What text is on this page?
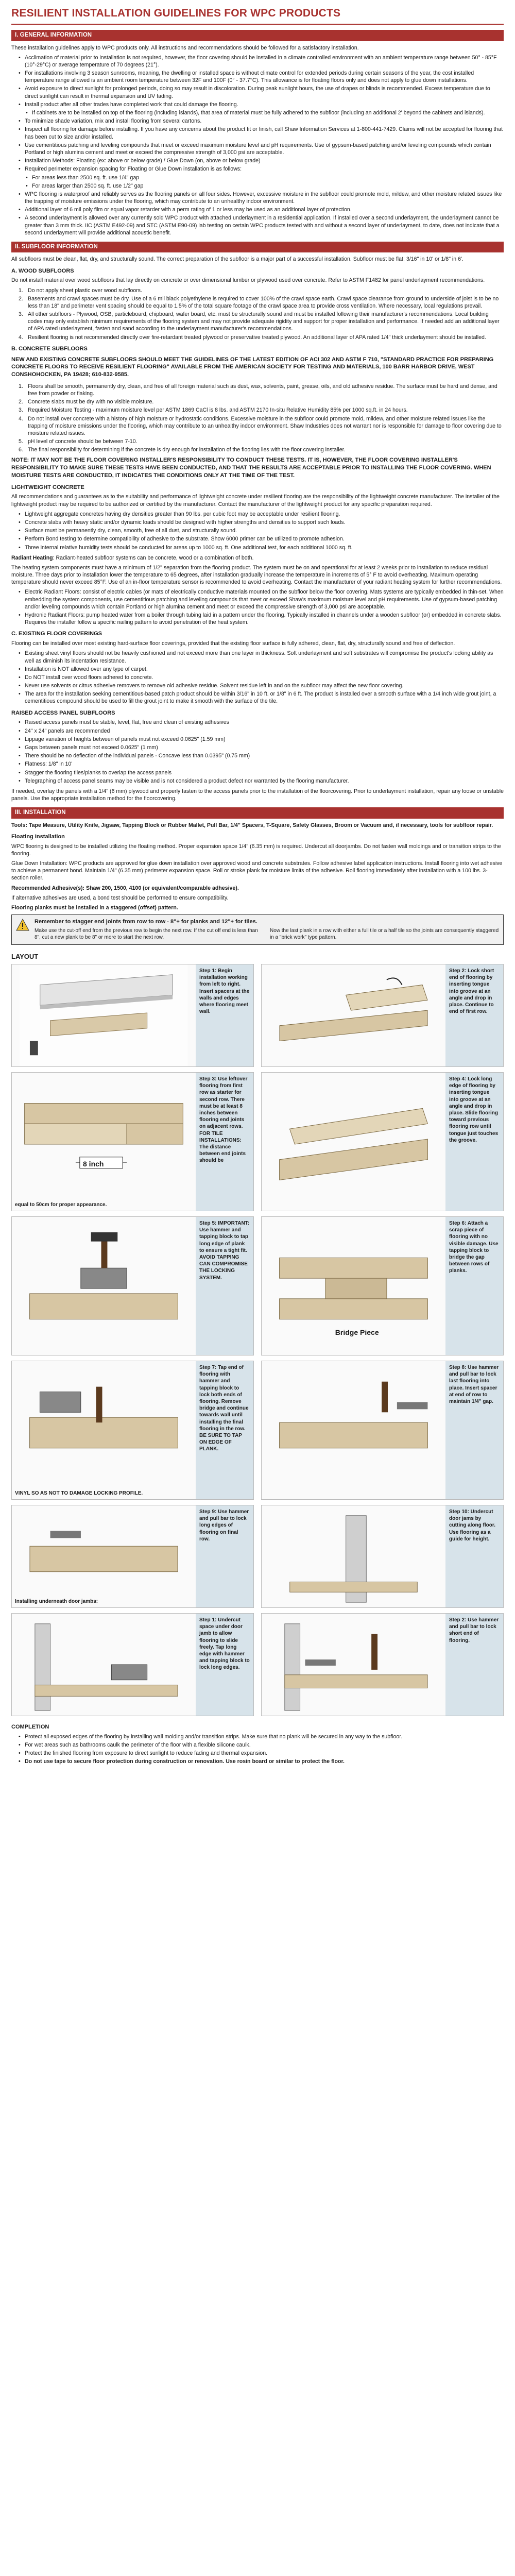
RESILIENT INSTALLATION GUIDELINES FOR WPC PRODUCTS
I. GENERAL INFORMATION

These installation guidelines apply to WPC products only. All instructions and recommendations should be followed for a satisfactory installation.

• Acclimation of material prior to installation is not required, however, the floor covering should be installed in a climate controlled environment with an ambient temperature range between 50° - 85°F (10°-29°C) or average temperature of 70 degrees (21°).
• For installations involving 3 season sunrooms, meaning, the dwelling or installed space is without climate control for extended periods during certain seasons of the year, the cost installed temperature range allowed is an ambient room temperature between 32F and 100F (0° - 37.7°C). This allowance is for floating floors only and does not apply to glue down installations.
• Avoid exposure to direct sunlight for prolonged periods, doing so may result in discoloration. During peak sunlight hours, the use of drapes or blinds is recommended. Excess temperature due to direct sunlight can result in thermal expansion and UV fading.
• Install product after all other trades have completed work that could damage the flooring.
• If cabinets are to be installed on top of the flooring (including islands), that area of material must be fully adhered to the subfloor (including an additional 2' beyond the cabinets and islands).
• To minimize shade variation, mix and install flooring from several cartons.
• Inspect all flooring for damage before installing. If you have any concerns about the product fit or finish, call Shaw Information Services at 1-800-441-7429. Claims will not be accepted for flooring that has been cut to size and/or installed.
• Use cementitious patching and leveling compounds that meet or exceed maximum moisture level and pH requirements. Use of gypsum-based patching and/or leveling compounds which contain Portland or high alumina cement and meet or exceed the compressive strength of 3,000 psi are acceptable.
• Installation Methods: Floating (ex: above or below grade) / Glue Down (on, above or below grade)
• Required perimeter expansion spacing for Floating or Glue Down installation is as follows:
• For areas less than 2500 sq. ft. use 1/4" gap
• For areas larger than 2500 sq. ft. use 1/2" gap
• WPC flooring is waterproof and reliably serves as the flooring panels on all four sides. However, excessive moisture in the subfloor could promote mold, mildew, and other moisture related issues like the trapping of moisture emissions under the flooring, which may contribute to an unhealthy indoor environment.
• Additional layer of 6 mil poly film or equal vapor retarder with a perm rating of 1 or less may be used as an additional layer of protection.
• A second underlayment is allowed over any currently sold WPC product with attached underlayment in a residential application. If installed over a second underlayment, the underlayment cannot be greater than 3 mm thick. IIC (ASTM E492-09) and STC (ASTM E90-09) lab testing on certain WPC products tested with and without a second layer of underlayment, to date, does not indicate that a second underlayment will provide additional acoustic benefit.
II. SUBFLOOR INFORMATION

All subfloors must be clean, flat, dry, and structurally sound. The correct preparation of the subfloor is a major part of a successful installation. Subfloor must be flat: 3/16" in 10' or 1/8" in 6'.

A. WOOD SUBFLOORS

Do not install material over wood subfloors that lay directly on concrete or over dimensional lumber or plywood used over concrete. Refer to ASTM F1482 for panel underlayment recommendations.

Do not apply sheet plastic over wood subfloors.
Basements and crawl spaces must be dry. Use of a 6 mil black polyethylene is required to cover 100% of the crawl space earth. Crawl space clearance from ground to underside of joist is to be no less than 18" and perimeter vent spacing should be equal to 1.5% of the total square footage of the crawl space area to provide cross ventilation. Where necessary, local regulations prevail.
All other subfloors - Plywood, OSB, particleboard, chipboard, wafer board, etc. must be structurally sound and must be installed following their manufacturer's recommendations. Local building codes may only establish minimum requirements of the flooring system and may not provide adequate rigidity and support for proper installation and performance. If needed add an additional layer of APA rated underlayment, fasten and sand according to the underlayment manufacturer's recommendations.
Resilient flooring is not recommended directly over fire-retardant treated plywood or preservative treated plywood. An additional layer of APA rated 1/4" thick underlayment should be installed.
B. CONCRETE SUBFLOORS
NEW AND EXISTING CONCRETE SUBFLOORS SHOULD MEET THE GUIDELINES OF THE LATEST EDITION OF ACI 302 AND ASTM F 710, "STANDARD PRACTICE FOR PREPARING CONCRETE FLOORS TO RECEIVE RESILIENT FLOORING" AVAILABLE FROM THE AMERICAN SOCIETY FOR TESTING AND MATERIALS, 100 BARR HARBOR DRIVE, WEST CONSHOHOCKEN, PA 19428; 610-832-9585.
Floors shall be smooth, permanently dry, clean, and free of all foreign material such as dust, wax, solvents, paint, grease, oils, and old adhesive residue. The surface must be hard and dense, and free from powder or flaking.
Concrete slabs must be dry with no visible moisture.
Required Moisture Testing - maximum moisture level per ASTM 1869 CaCl is 8 lbs. and ASTM 2170 In-situ Relative Humidity 85% per 1000 sq.ft. in 24 hours.
Do not install over concrete with a history of high moisture or hydrostatic conditions. Excessive moisture in the subfloor could promote mold, mildew, and other moisture related issues like the trapping of moisture emissions under the flooring, which may contribute to an unhealthy indoor environment. Shaw Industries does not warrant nor is responsible for damage to floor covering due to moisture related issues.
pH level of concrete should be between 7-10.
The final responsibility for determining if the concrete is dry enough for installation of the flooring lies with the floor covering installer.
NOTE: IT MAY NOT BE THE FLOOR COVERING INSTALLER'S RESPONSIBILITY TO CONDUCT THESE TESTS. IT IS, HOWEVER, THE FLOOR COVERING INSTALLER'S RESPONSIBILITY TO MAKE SURE THESE TESTS HAVE BEEN CONDUCTED, AND THAT THE RESULTS ARE ACCEPTABLE PRIOR TO INSTALLING THE FLOOR COVERING. WHEN MOISTURE TESTS ARE CONDUCTED, IT INDICATES THE CONDITIONS ONLY AT THE TIME OF THE TEST.
LIGHTWEIGHT CONCRETE

All recommendations and guarantees as to the suitability and performance of lightweight concrete under resilient flooring are the responsibility of the lightweight concrete manufacturer. The installer of the lightweight product may be required to be authorized or certified by the manufacturer. Contact the manufacturer of the lightweight product for any specific preparation required.

• Lightweight aggregate concretes having dry densities greater than 90 lbs. per cubic foot may be acceptable under resilient flooring.
• Concrete slabs with heavy static and/or dynamic loads should be designed with higher strengths and densities to support such loads.
• Surface must be permanently dry, clean, smooth, free of all dust, and structurally sound.
• Perform Bond testing to determine compatibility of adhesive to the substrate. Show 6000 primer can be utilized to promote adhesion.
• Three internal relative humidity tests should be conducted for areas up to 1000 sq. ft. One additional test, for each additional 1000 sq. ft.

Radiant Heating: Radiant-heated subfloor systems can be concrete, wood or a combination of both.

The heating system components must have a minimum of 1/2" separation from the flooring product. The system must be on and operational for at least 2 weeks prior to installation to reduce residual moisture. Three days prior to installation lower the temperature to 65 degrees, after installation gradually increase the temperature in increments of 5° F to avoid overheating. Maximum operating temperature should never exceed 85°F. Use of an in-floor temperature sensor is recommended to avoid overheating. Contact the manufacturer of your radiant heating system for further recommendations.

• Electric Radiant Floors: consist of electric cables (or mats of electrically conductive materials mounted on the subfloor below the floor covering. Mats systems are typically embedded in thin-set. When embedding the system components, use cementitious patching and leveling compounds that meet or exceed Shaw's maximum moisture level and pH requirements. Use of gypsum-based patching and/or leveling compounds which contain Portland or high alumina cement and meet or exceed the compressive strength of 3,000 psi are acceptable.
• Hydronic Radiant Floors: pump heated water from a boiler through tubing laid in a pattern under the flooring. Typically installed in channels under a wooden subfloor (or) embedded in concrete slabs. Requires the installer follow a specific nailing pattern to avoid penetration of the heat system.
C. EXISTING FLOOR COVERINGS

Flooring can be installed over most existing hard-surface floor coverings, provided that the existing floor surface is fully adhered, clean, flat, dry, structurally sound and free of deflection.

• Existing sheet vinyl floors should not be heavily cushioned and not exceed more than one layer in thickness. Soft underlayment and soft substrates will compromise the product's locking ability as well as diminish its indentation resistance.
• Installation is NOT allowed over any type of carpet.
• Do NOT install over wood floors adhered to concrete.
• Never use solvents or citrus adhesive removers to remove old adhesive residue. Solvent residue left in and on the subfloor may affect the new floor covering.
• The area for the installation seeking cementitious-based patch product should be within 3/16" in 10 ft. or 1/8" in 6 ft. The product is installed over a smooth surface with a 1/4 inch wide grout joint, a cementitious compound should be used to fill the grout joint to make it smooth with the surface of the tile.
RAISED ACCESS PANEL SUBFLOORS
• Raised access panels must be stable, level, flat, free and clean of existing adhesives
• 24" x 24" panels are recommended
• Lippage variation of heights between of panels must not exceed 0.0625" (1.59 mm)
• Gaps between panels must not exceed 0.0625" (1 mm)
• There should be no deflection of the individual panels - Concave less than 0.0395" (0.75 mm)
• Flatness: 1/8" in 10'
• Stagger the flooring tiles/planks to overlap the access panels
• Telegraphing of access panel seams may be visible and is not considered a product defect nor warranted by the flooring manufacturer.

If needed, overlay the panels with a 1/4" (6 mm) plywood and properly fasten to the access panels prior to the installation of the floorcovering. Prior to underlayment installation, repair any loose or unstable panels. Use the appropriate installation method for the floorcovering.

III. INSTALLATION

Tools: Tape Measure, Utility Knife, Jigsaw, Tapping Block or Rubber Mallet, Pull Bar, 1/4" Spacers, T-Square, Safety Glasses, Broom or Vacuum and, if necessary, tools for subfloor repair.

Floating Installation

WPC flooring is designed to be installed utilizing the floating method. Proper expansion space 1/4" (6.35 mm) is required. Undercut all doorjambs. Do not fasten wall moldings and or transition strips to the flooring.

Glue Down Installation: WPC products are approved for glue down installation over approved wood and concrete substrates. Follow adhesive label application instructions. Install flooring into wet adhesive to achieve a permanent bond. Maintain 1/4" (6.35 mm) perimeter expansion space. Roll or stroke plank for moisture limits of the adhesive. Roll flooring immediately after installation with a 100 lbs. 3-section roller.

Recommended Adhesive(s): Shaw 200, 1500, 4100 (or equivalent/comparable adhesive).

If alternative adhesives are used, a bond test should be performed to ensure compatibility.

Flooring planks must be installed in a staggered (offset) pattern.

Remember to stagger end joints from row to row - 8"+ for planks and 12"+ for tiles.
Make use the cut-off end from the previous row to begin the next row. If the cut off end is less than 8", cut a new plank to be 8" or more to start the next row.
Now the last plank in a row with either a full tile or a half tile so the joints are consequently staggered in a "brick work" type pattern.
LAYOUT
Step 1: Begin installation working from left to right. Insert spacers at the walls and edges where flooring meet wall.
Step 2: Lock short end of flooring by inserting tongue into groove at an angle and drop in place. Continue to end of first row.
8 inch
equal to 50cm for proper appearance.
Step 3: Use leftover flooring from first row as starter for second row. There must be at least 8 inches between flooring end joints on adjacent rows. FOR TILE INSTALLATIONS: The distance between end joints should be
Step 4: Lock long edge of flooring by inserting tongue into groove at an angle and drop in place. Slide flooring toward previous flooring row until tongue just touches the groove.
Step 5: IMPORTANT: Use hammer and tapping block to tap long edge of plank to ensure a tight fit. AVOID TAPPING CAN COMPROMISE THE LOCKING SYSTEM.
Bridge Piece
Step 6: Attach a scrap piece of flooring with no visible damage. Use tapping block to bridge the gap between rows of planks.
VINYL SO AS NOT TO DAMAGE LOCKING PROFILE.
Step 7: Tap end of flooring with hammer and tapping block to lock both ends of flooring. Remove bridge and continue towards wall until installing the final flooring in the row. BE SURE TO TAP ON EDGE OF PLANK.
Step 8: Use hammer and pull bar to lock last flooring into place. Insert spacer at end of row to maintain 1/4" gap.
Installing underneath door jambs:
Step 9: Use hammer and pull bar to lock long edges of flooring on final row.
Step 10: Undercut door jams by cutting along floor. Use flooring as a guide for height.
Step 1: Undercut space under door jamb to allow flooring to slide freely. Tap long edge with hammer and tapping block to lock long edges.
Step 2: Use hammer and pull bar to lock short end of flooring.
COMPLETION
• Protect all exposed edges of the flooring by installing wall molding and/or transition strips. Make sure that no plank will be secured in any way to the subfloor.
• For wet areas such as bathrooms caulk the perimeter of the floor with a flexible silicone caulk.
• Protect the finished flooring from exposure to direct sunlight to reduce fading and thermal expansion.
• Do not use tape to secure floor protection during construction or renovation. Use rosin board or similar to protect the floor.
